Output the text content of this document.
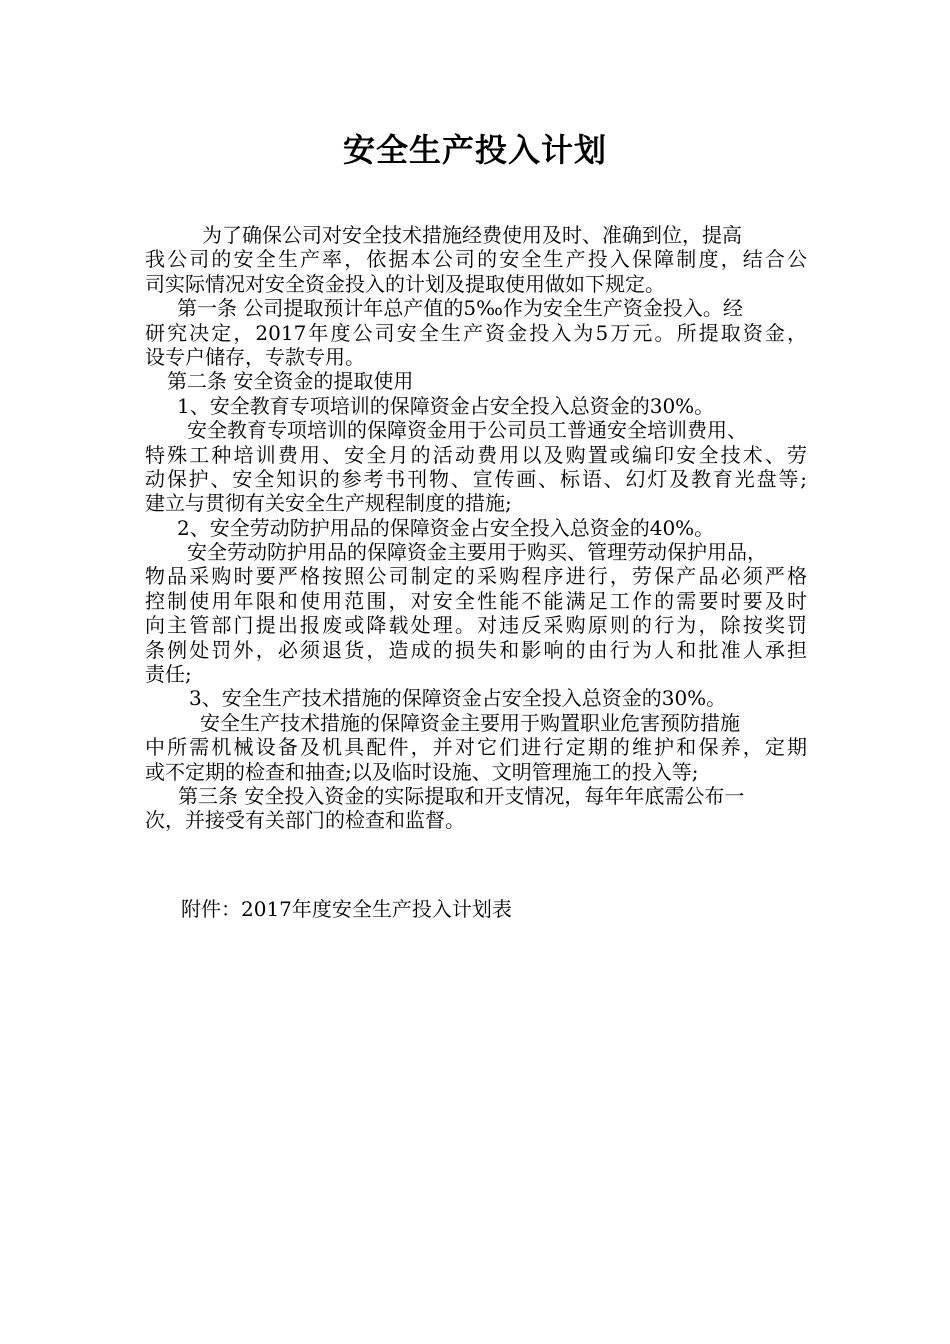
安全生产投入计划
为了确保公司对安全技术措施经费使用及时、准确到位，提高
我公司的安全生产率，依据本公司的安全生产投入保障制度，结合公
司实际情况对安全资金投入的计划及提取使用做如下规定。
第一条 公司提取预计年总产值的5‰作为安全生产资金投入。经
研究决定，2017年度公司安全生产资金投入为5万元。所提取资金，
设专户储存，专款专用。
第二条 安全资金的提取使用
1、安全教育专项培训的保障资金占安全投入总资金的30%。
安全教育专项培训的保障资金用于公司员工普通安全培训费用、
特殊工种培训费用、安全月的活动费用以及购置或编印安全技术、劳
动保护、安全知识的参考书刊物、宣传画、标语、幻灯及教育光盘等;
建立与贯彻有关安全生产规程制度的措施;
2、安全劳动防护用品的保障资金占安全投入总资金的40%。
安全劳动防护用品的保障资金主要用于购买、管理劳动保护用品，
物品采购时要严格按照公司制定的采购程序进行，劳保产品必须严格
控制使用年限和使用范围，对安全性能不能满足工作的需要时要及时
向主管部门提出报废或降载处理。对违反采购原则的行为，除按奖罚
条例处罚外，必须退货，造成的损失和影响的由行为人和批准人承担
责任;
3、安全生产技术措施的保障资金占安全投入总资金的30%。
安全生产技术措施的保障资金主要用于购置职业危害预防措施
中所需机械设备及机具配件，并对它们进行定期的维护和保养，定期
或不定期的检查和抽查;以及临时设施、文明管理施工的投入等;
第三条 安全投入资金的实际提取和开支情况，每年年底需公布一
次，并接受有关部门的检查和监督。
附件：2017年度安全生产投入计划表
